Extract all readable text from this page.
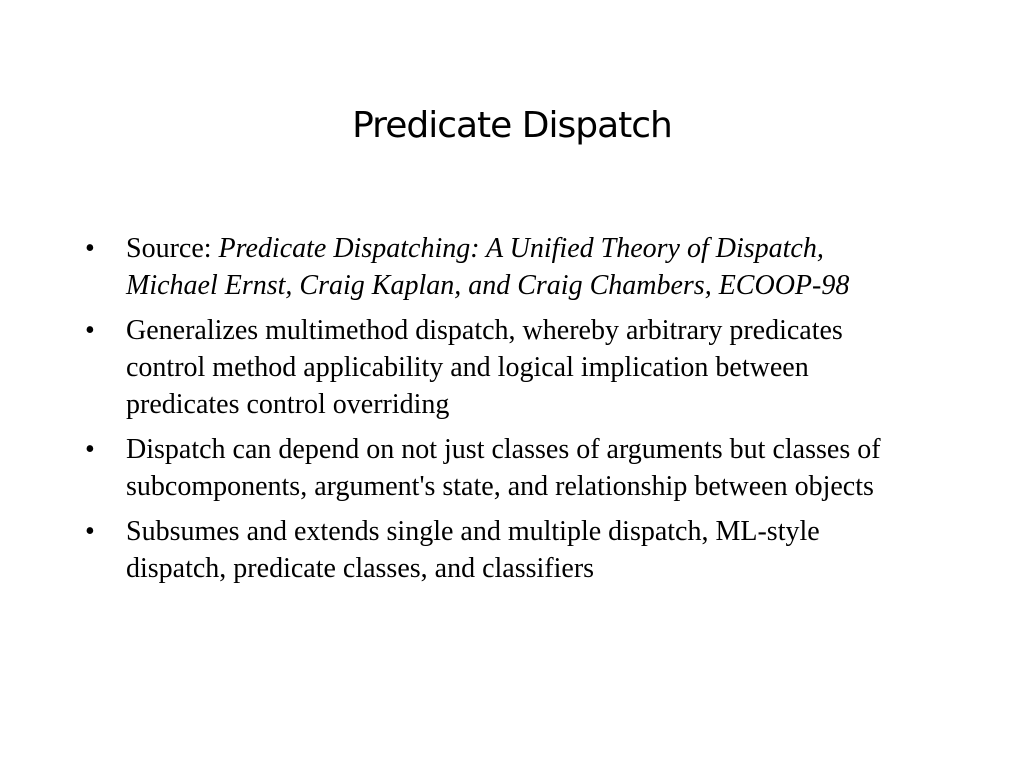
Predicate Dispatch
•	Source: Predicate Dispatching: A Unified Theory of Dispatch, Michael Ernst, Craig Kaplan, and Craig Chambers, ECOOP-98
•	Generalizes multimethod dispatch, whereby arbitrary predicates control method applicability and logical implication between predicates control overriding
•	Dispatch can depend on not just classes of arguments but classes of subcomponents, argument's state, and relationship between objects
•	Subsumes and extends single and multiple dispatch, ML-style dispatch, predicate classes, and classifiers
